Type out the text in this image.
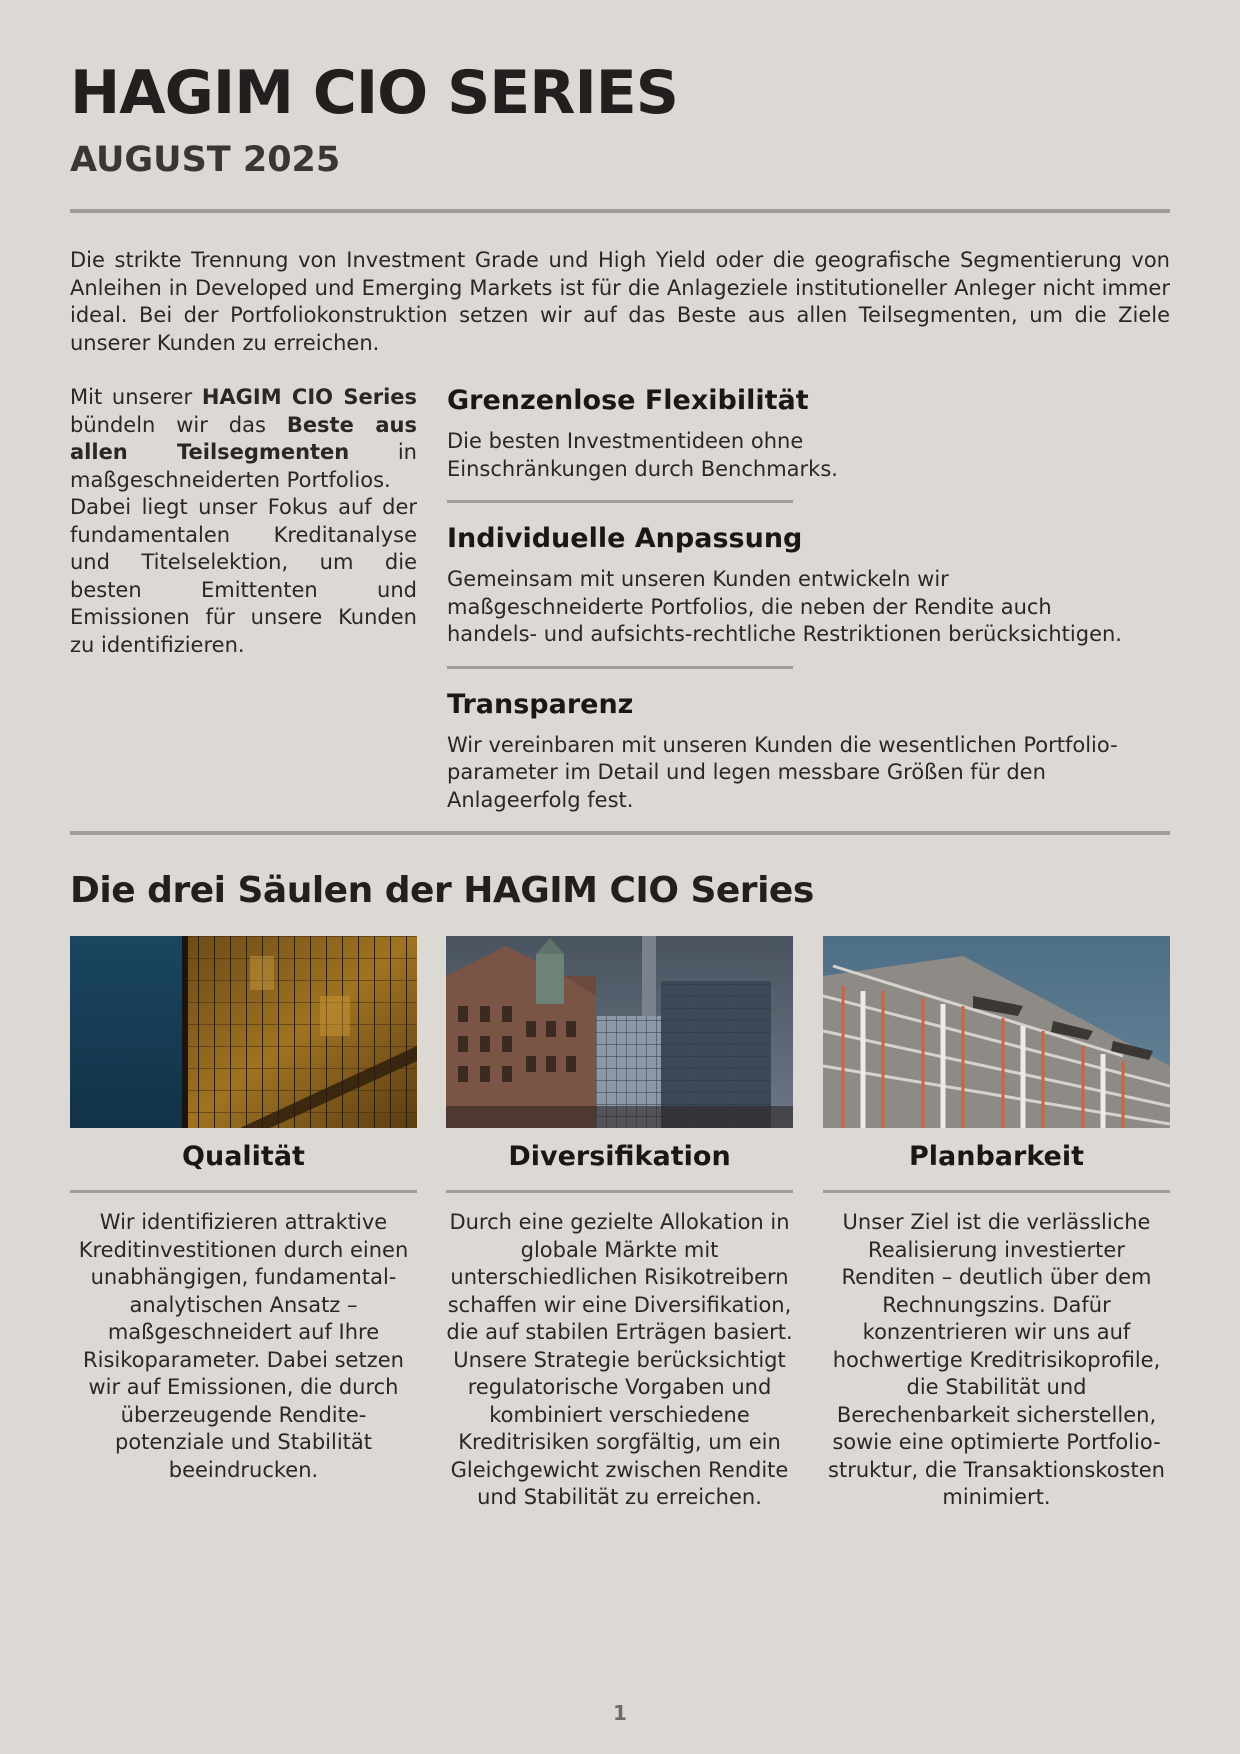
HAGIM CIO SERIES
AUGUST 2025

Die strikte Trennung von Investment Grade und High Yield oder die geografische Segmentierung von Anleihen in Developed und Emerging Markets ist für die Anlageziele institutioneller Anleger nicht immer ideal. Bei der Portfoliokonstruktion setzen wir auf das Beste aus allen Teilsegmenten, um die Ziele unserer Kunden zu erreichen.

Mit unserer HAGIM CIO Series bündeln wir das Beste aus allen Teilsegmenten in maßgeschneiderten Portfolios.

Dabei liegt unser Fokus auf der fundamentalen Kreditanalyse und Titelselektion, um die besten Emittenten und Emissionen für unsere Kunden zu identifizieren.

Grenzenlose Flexibilität

Die besten Investmentideen ohne Einschränkungen durch Benchmarks.

Individuelle Anpassung

Gemeinsam mit unseren Kunden entwickeln wir maßgeschneiderte Portfolios, die neben der Rendite auch handels- und aufsichts-rechtliche Restriktionen berücksichtigen.

Transparenz

Wir vereinbaren mit unseren Kunden die wesentlichen Portfolio-parameter im Detail und legen messbare Größen für den Anlageerfolg fest.

Die drei Säulen der HAGIM CIO Series
Qualität

Wir identifizieren attraktive Kreditinvestitionen durch einen unabhängigen, fundamental-analytischen Ansatz – maßgeschneidert auf Ihre Risikoparameter. Dabei setzen wir auf Emissionen, die durch überzeugende Rendite-potenziale und Stabilität beeindrucken.

Diversifikation

Durch eine gezielte Allokation in globale Märkte mit unterschiedlichen Risikotreibern schaffen wir eine Diversifikation, die auf stabilen Erträgen basiert. Unsere Strategie berücksichtigt regulatorische Vorgaben und kombiniert verschiedene Kreditrisiken sorgfältig, um ein Gleichgewicht zwischen Rendite und Stabilität zu erreichen.

Planbarkeit

Unser Ziel ist die verlässliche Realisierung investierter Renditen – deutlich über dem Rechnungszins. Dafür konzentrieren wir uns auf hochwertige Kreditrisikoprofile, die Stabilität und Berechenbarkeit sicherstellen, sowie eine optimierte Portfolio-struktur, die Transaktionskosten minimiert.

1
